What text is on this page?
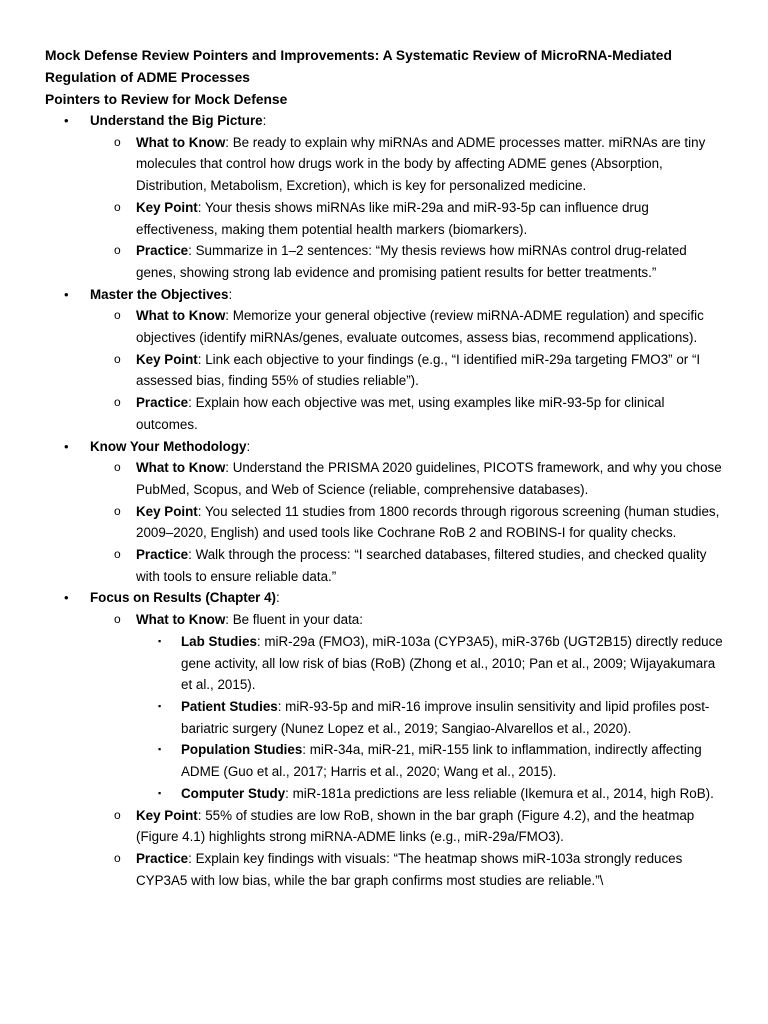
Mock Defense Review Pointers and Improvements: A Systematic Review of MicroRNA-Mediated Regulation of ADME Processes
Pointers to Review for Mock Defense
• Understand the Big Picture:
o What to Know: Be ready to explain why miRNAs and ADME processes matter. miRNAs are tiny molecules that control how drugs work in the body by affecting ADME genes (Absorption, Distribution, Metabolism, Excretion), which is key for personalized medicine.
o Key Point: Your thesis shows miRNAs like miR-29a and miR-93-5p can influence drug effectiveness, making them potential health markers (biomarkers).
o Practice: Summarize in 1–2 sentences: “My thesis reviews how miRNAs control drug-related genes, showing strong lab evidence and promising patient results for better treatments.”
• Master the Objectives:
o What to Know: Memorize your general objective (review miRNA-ADME regulation) and specific objectives (identify miRNAs/genes, evaluate outcomes, assess bias, recommend applications).
o Key Point: Link each objective to your findings (e.g., “I identified miR-29a targeting FMO3” or “I assessed bias, finding 55% of studies reliable”).
o Practice: Explain how each objective was met, using examples like miR-93-5p for clinical outcomes.
• Know Your Methodology:
o What to Know: Understand the PRISMA 2020 guidelines, PICOTS framework, and why you chose PubMed, Scopus, and Web of Science (reliable, comprehensive databases).
o Key Point: You selected 11 studies from 1800 records through rigorous screening (human studies, 2009–2020, English) and used tools like Cochrane RoB 2 and ROBINS-I for quality checks.
o Practice: Walk through the process: “I searched databases, filtered studies, and checked quality with tools to ensure reliable data.”
• Focus on Results (Chapter 4):
o What to Know: Be fluent in your data:
▪ Lab Studies: miR-29a (FMO3), miR-103a (CYP3A5), miR-376b (UGT2B15) directly reduce gene activity, all low risk of bias (RoB) (Zhong et al., 2010; Pan et al., 2009; Wijayakumara et al., 2015).
▪ Patient Studies: miR-93-5p and miR-16 improve insulin sensitivity and lipid profiles post-bariatric surgery (Nunez Lopez et al., 2019; Sangiao-Alvarellos et al., 2020).
▪ Population Studies: miR-34a, miR-21, miR-155 link to inflammation, indirectly affecting ADME (Guo et al., 2017; Harris et al., 2020; Wang et al., 2015).
▪ Computer Study: miR-181a predictions are less reliable (Ikemura et al., 2014, high RoB).
o Key Point: 55% of studies are low RoB, shown in the bar graph (Figure 4.2), and the heatmap (Figure 4.1) highlights strong miRNA-ADME links (e.g., miR-29a/FMO3).
o Practice: Explain key findings with visuals: “The heatmap shows miR-103a strongly reduces CYP3A5 with low bias, while the bar graph confirms most studies are reliable.”\
